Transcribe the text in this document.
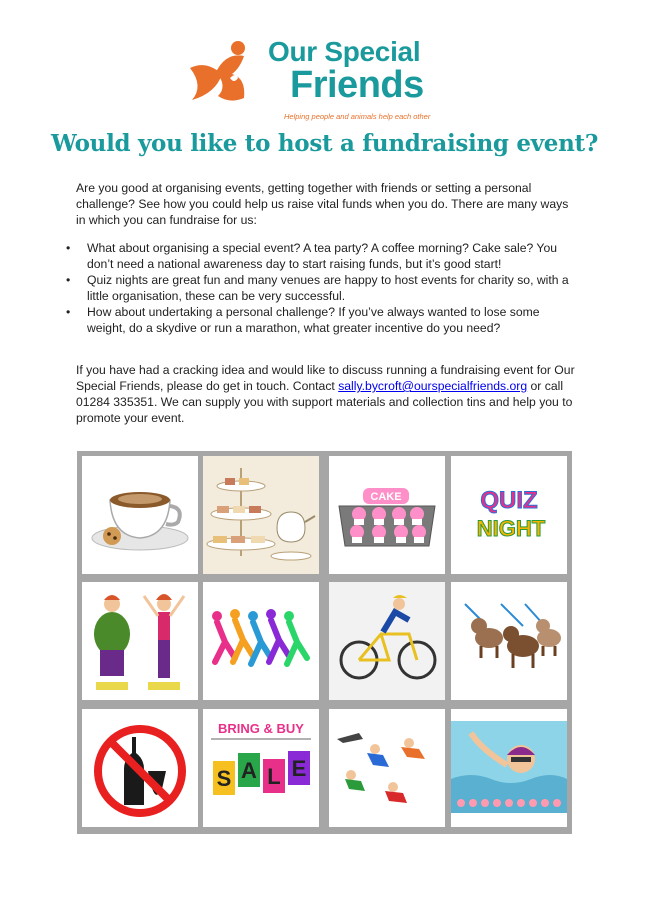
Our Special
Friends
Helping people and animals help each other
Would you like to host a fundraising event?

Are you good at organising events, getting together with friends or setting a personal challenge? See how you could help us raise vital funds when you do. There are many ways in which you can fundraise for us:

• What about organising a special event? A tea party? A coffee morning? Cake sale? You don’t need a national awareness day to start raising funds, but it’s good start!
• Quiz nights are great fun and many venues are happy to host events for charity so, with a little organisation, these can be very successful.
• How about undertaking a personal challenge? If you’ve always wanted to lose some weight, do a skydive or run a marathon, what greater incentive do you need?

If you have had a cracking idea and would like to discuss running a fundraising event for Our Special Friends, please do get in touch. Contact sally.bycroft@ourspecialfriends.org or call 01284 335351. We can supply you with support materials and collection tins and help you to promote your event.

CAKE	QUIZ
NIGHT
BRING & BUY
S A L E
